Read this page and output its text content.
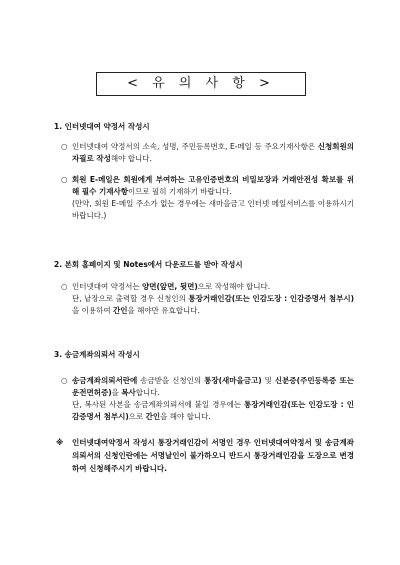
< 유 의 사 항 >
1. 인터넷대여 약정서 작성시
○ 인터넷대여 약정서의 소속, 성명, 주민등록번호, E-메일 등 주요기재사항은 신청회원의 자필로 작성해야 합니다.
○ 회원 E-메일은 회원에게 부여하는 고유인증번호의 비밀보장과 거래안전성 확보를 위해 필수 기재사항이므로 필히 기재하기 바랍니다.
(만약, 회원 E-메일 주소가 없는 경우에는 새마을금고 인터넷 메일서비스를 이용하시기 바랍니다.)
2. 본회 홈페이지 및 Notes에서 다운로드를 받아 작성시
○ 인터넷대여 약정서는 양면(앞면, 뒷면)으로 작성해야 합니다.
단, 낱장으로 출력할 경우 신청인의 통장거래인감(또는 인감도장 : 인감증명서 첨부시)을 이용하여 간인을 해야만 유효합니다.
3. 송금계좌의뢰서 작성시
○ 송금계좌의뢰서란에 송금받을 신청인의 통장(새마을금고) 및 신분증(주민등록증 또는 운전면허증)을 복사합니다.
단, 복사된 사본을 송금계좌의뢰서에 붙일 경우에는 통장거래인감(또는 인감도장 : 인감증명서 첨부시)으로 간인을 해야 합니다.
※ 인터넷대여약정서 작성시 통장거래인감이 서명인 경우 인터넷대여약정서 및 송금계좌의뢰서의 신청인란에는 서명날인이 불가하오니 반드시 통장거래인감을 도장으로 변경하여 신청해주시기 바랍니다.
